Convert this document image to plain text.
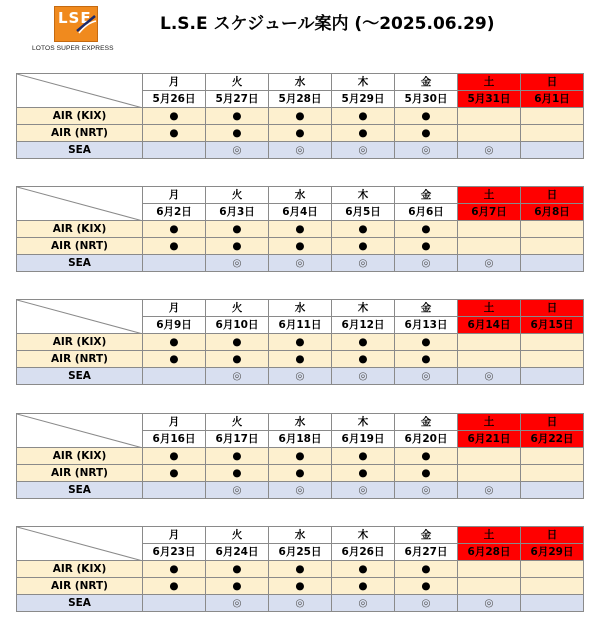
LSE
LOTOS SUPER EXPRESS
L.S.E スケジュール案内 (～2025.06.29)
	月	火	水	木	金	土	日
	5月26日	5月27日	5月28日	5月29日	5月30日	5月31日	6月1日
AIR (KIX)	●	●	●	●	●		
AIR (NRT)	●	●	●	●	●		
SEA		◎	◎	◎	◎	◎	
	月	火	水	木	金	土	日
	6月2日	6月3日	6月4日	6月5日	6月6日	6月7日	6月8日
AIR (KIX)	●	●	●	●	●		
AIR (NRT)	●	●	●	●	●		
SEA		◎	◎	◎	◎	◎	
	月	火	水	木	金	土	日
	6月9日	6月10日	6月11日	6月12日	6月13日	6月14日	6月15日
AIR (KIX)	●	●	●	●	●		
AIR (NRT)	●	●	●	●	●		
SEA		◎	◎	◎	◎	◎	
	月	火	水	木	金	土	日
	6月16日	6月17日	6月18日	6月19日	6月20日	6月21日	6月22日
AIR (KIX)	●	●	●	●	●		
AIR (NRT)	●	●	●	●	●		
SEA		◎	◎	◎	◎	◎	
	月	火	水	木	金	土	日
	6月23日	6月24日	6月25日	6月26日	6月27日	6月28日	6月29日
AIR (KIX)	●	●	●	●	●		
AIR (NRT)	●	●	●	●	●		
SEA		◎	◎	◎	◎	◎	
